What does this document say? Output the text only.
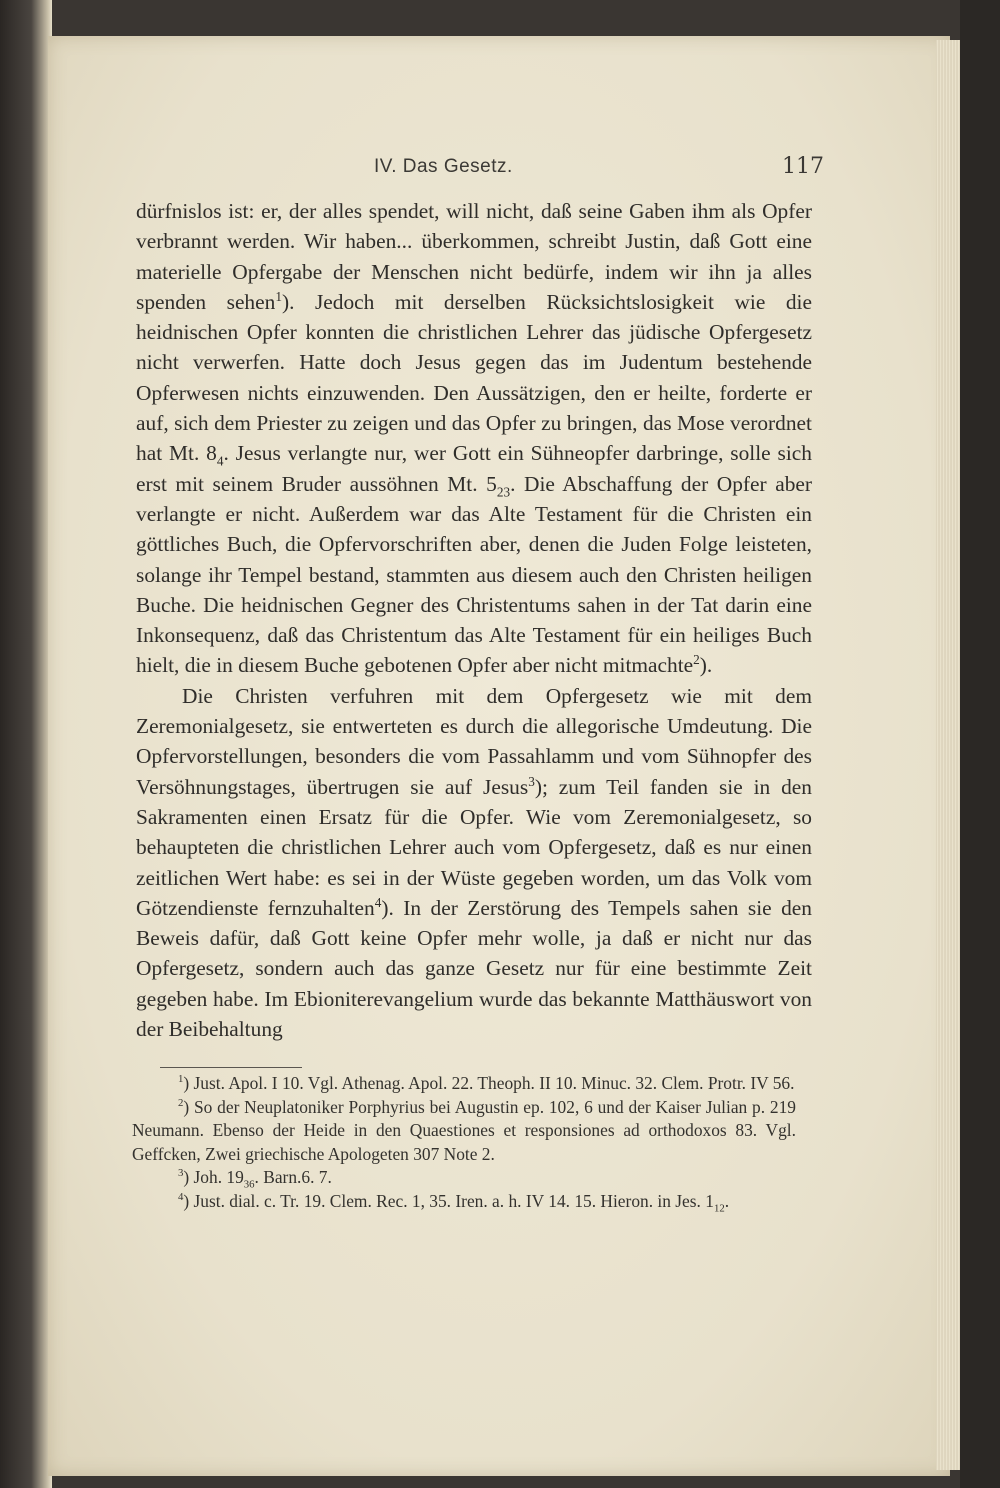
IV. Das Gesetz.	117

dürfnislos ist: er, der alles spendet, will nicht, daß seine Gaben ihm als Opfer verbrannt werden. Wir haben... überkommen, schreibt Justin, daß Gott eine materielle Opfergabe der Menschen nicht bedürfe, indem wir ihn ja alles spenden sehen$^1$). Jedoch mit derselben Rücksichtslosigkeit wie die heidnischen Opfer konnten die christlichen Lehrer das jüdische Opfergesetz nicht verwerfen. Hatte doch Jesus gegen das im Judentum bestehende Opferwesen nichts einzuwenden. Den Aussätzigen, den er heilte, forderte er auf, sich dem Priester zu zeigen und das Opfer zu bringen, das Mose verordnet hat Mt. $8_4$. Jesus verlangte nur, wer Gott ein Sühneopfer darbringe, solle sich erst mit seinem Bruder aussöhnen Mt. $5_{23}$. Die Abschaffung der Opfer aber verlangte er nicht. Außerdem war das Alte Testament für die Christen ein göttliches Buch, die Opfervorschriften aber, denen die Juden Folge leisteten, solange ihr Tempel bestand, stammten aus diesem auch den Christen heiligen Buche. Die heidnischen Gegner des Christentums sahen in der Tat darin eine Inkonsequenz, daß das Christentum das Alte Testament für ein heiliges Buch hielt, die in diesem Buche gebotenen Opfer aber nicht mitmachte$^2$).

Die Christen verfuhren mit dem Opfergesetz wie mit dem Zeremonialgesetz, sie entwerteten es durch die allegorische Umdeutung. Die Opfervorstellungen, besonders die vom Passahlamm und vom Sühnopfer des Versöhnungstages, übertrugen sie auf Jesus$^3$); zum Teil fanden sie in den Sakramenten einen Ersatz für die Opfer. Wie vom Zeremonialgesetz, so behaupteten die christlichen Lehrer auch vom Opfergesetz, daß es nur einen zeitlichen Wert habe: es sei in der Wüste gegeben worden, um das Volk vom Götzendienste fernzuhalten$^4$). In der Zerstörung des Tempels sahen sie den Beweis dafür, daß Gott keine Opfer mehr wolle, ja daß er nicht nur das Opfergesetz, sondern auch das ganze Gesetz nur für eine bestimmte Zeit gegeben habe. Im Ebioniterevangelium wurde das bekannte Matthäuswort von der Beibehaltung

$^1$) Just. Apol. I 10. Vgl. Athenag. Apol. 22. Theoph. II 10. Minuc. 32. Clem. Protr. IV 56.

$^2$) So der Neuplatoniker Porphyrius bei Augustin ep. 102, 6 und der Kaiser Julian p. 219 Neumann. Ebenso der Heide in den Quaestiones et responsiones ad orthodoxos 83. Vgl. Geffcken, Zwei griechische Apologeten 307 Note 2.

$^3$) Joh. $19_{36}$. Barn.6. 7.

$^4$) Just. dial. c. Tr. 19. Clem. Rec. 1, 35. Iren. a. h. IV 14. 15. Hieron. in Jes. $1_{12}$.
